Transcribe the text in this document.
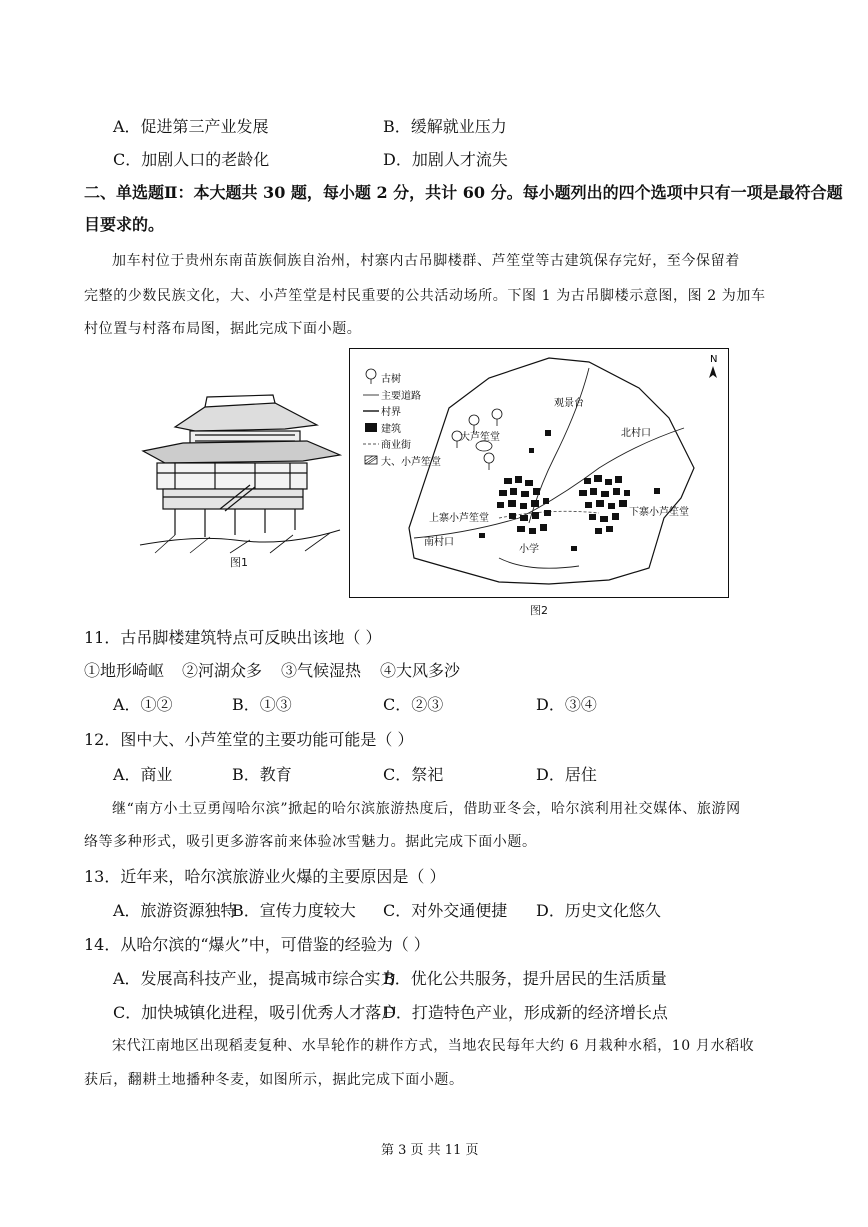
A．促进第三产业发展	B．缓解就业压力
C．加剧人口的老龄化	D．加剧人才流失
二、单选题Ⅱ：本大题共 30 题，每小题 2 分，共计 60 分。每小题列出的四个选项中只有一项是最符合题
目要求的。
加车村位于贵州东南苗族侗族自治州，村寨内古吊脚楼群、芦笙堂等古建筑保存完好，至今保留着
完整的少数民族文化，大、小芦笙堂是村民重要的公共活动场所。下图 1 为古吊脚楼示意图，图 2 为加车
村位置与村落布局图，据此完成下面小题。
图1
N
古树
主要道路
村界
建筑
商业街
大、小芦笙堂
观景台
北村口
大芦笙堂
上寨小芦笙堂
下寨小芦笙堂
南村口
小学
图2
11．古吊脚楼建筑特点可反映出该地（ ）
①地形崎岖 ②河湖众多 ③气候湿热 ④大风多沙
A．①②	B．①③	C．②③	D．③④
12．图中大、小芦笙堂的主要功能可能是（ ）
A．商业	B．教育	C．祭祀	D．居住
继“南方小土豆勇闯哈尔滨”掀起的哈尔滨旅游热度后，借助亚冬会，哈尔滨利用社交媒体、旅游网
络等多种形式，吸引更多游客前来体验冰雪魅力。据此完成下面小题。
13．近年来，哈尔滨旅游业火爆的主要原因是（ ）
A．旅游资源独特
B．宣传力度较大 C．对外交通便捷 D．历史文化悠久
14．从哈尔滨的“爆火”中，可借鉴的经验为（ ）
A．发展高科技产业，提高城市综合实力
B．优化公共服务，提升居民的生活质量
C．加快城镇化进程，吸引优秀人才落户
D．打造特色产业，形成新的经济增长点
宋代江南地区出现稻麦复种、水旱轮作的耕作方式，当地农民每年大约 6 月栽种水稻，10 月水稻收
获后，翻耕土地播种冬麦，如图所示，据此完成下面小题。
第 3 页 共 11 页
